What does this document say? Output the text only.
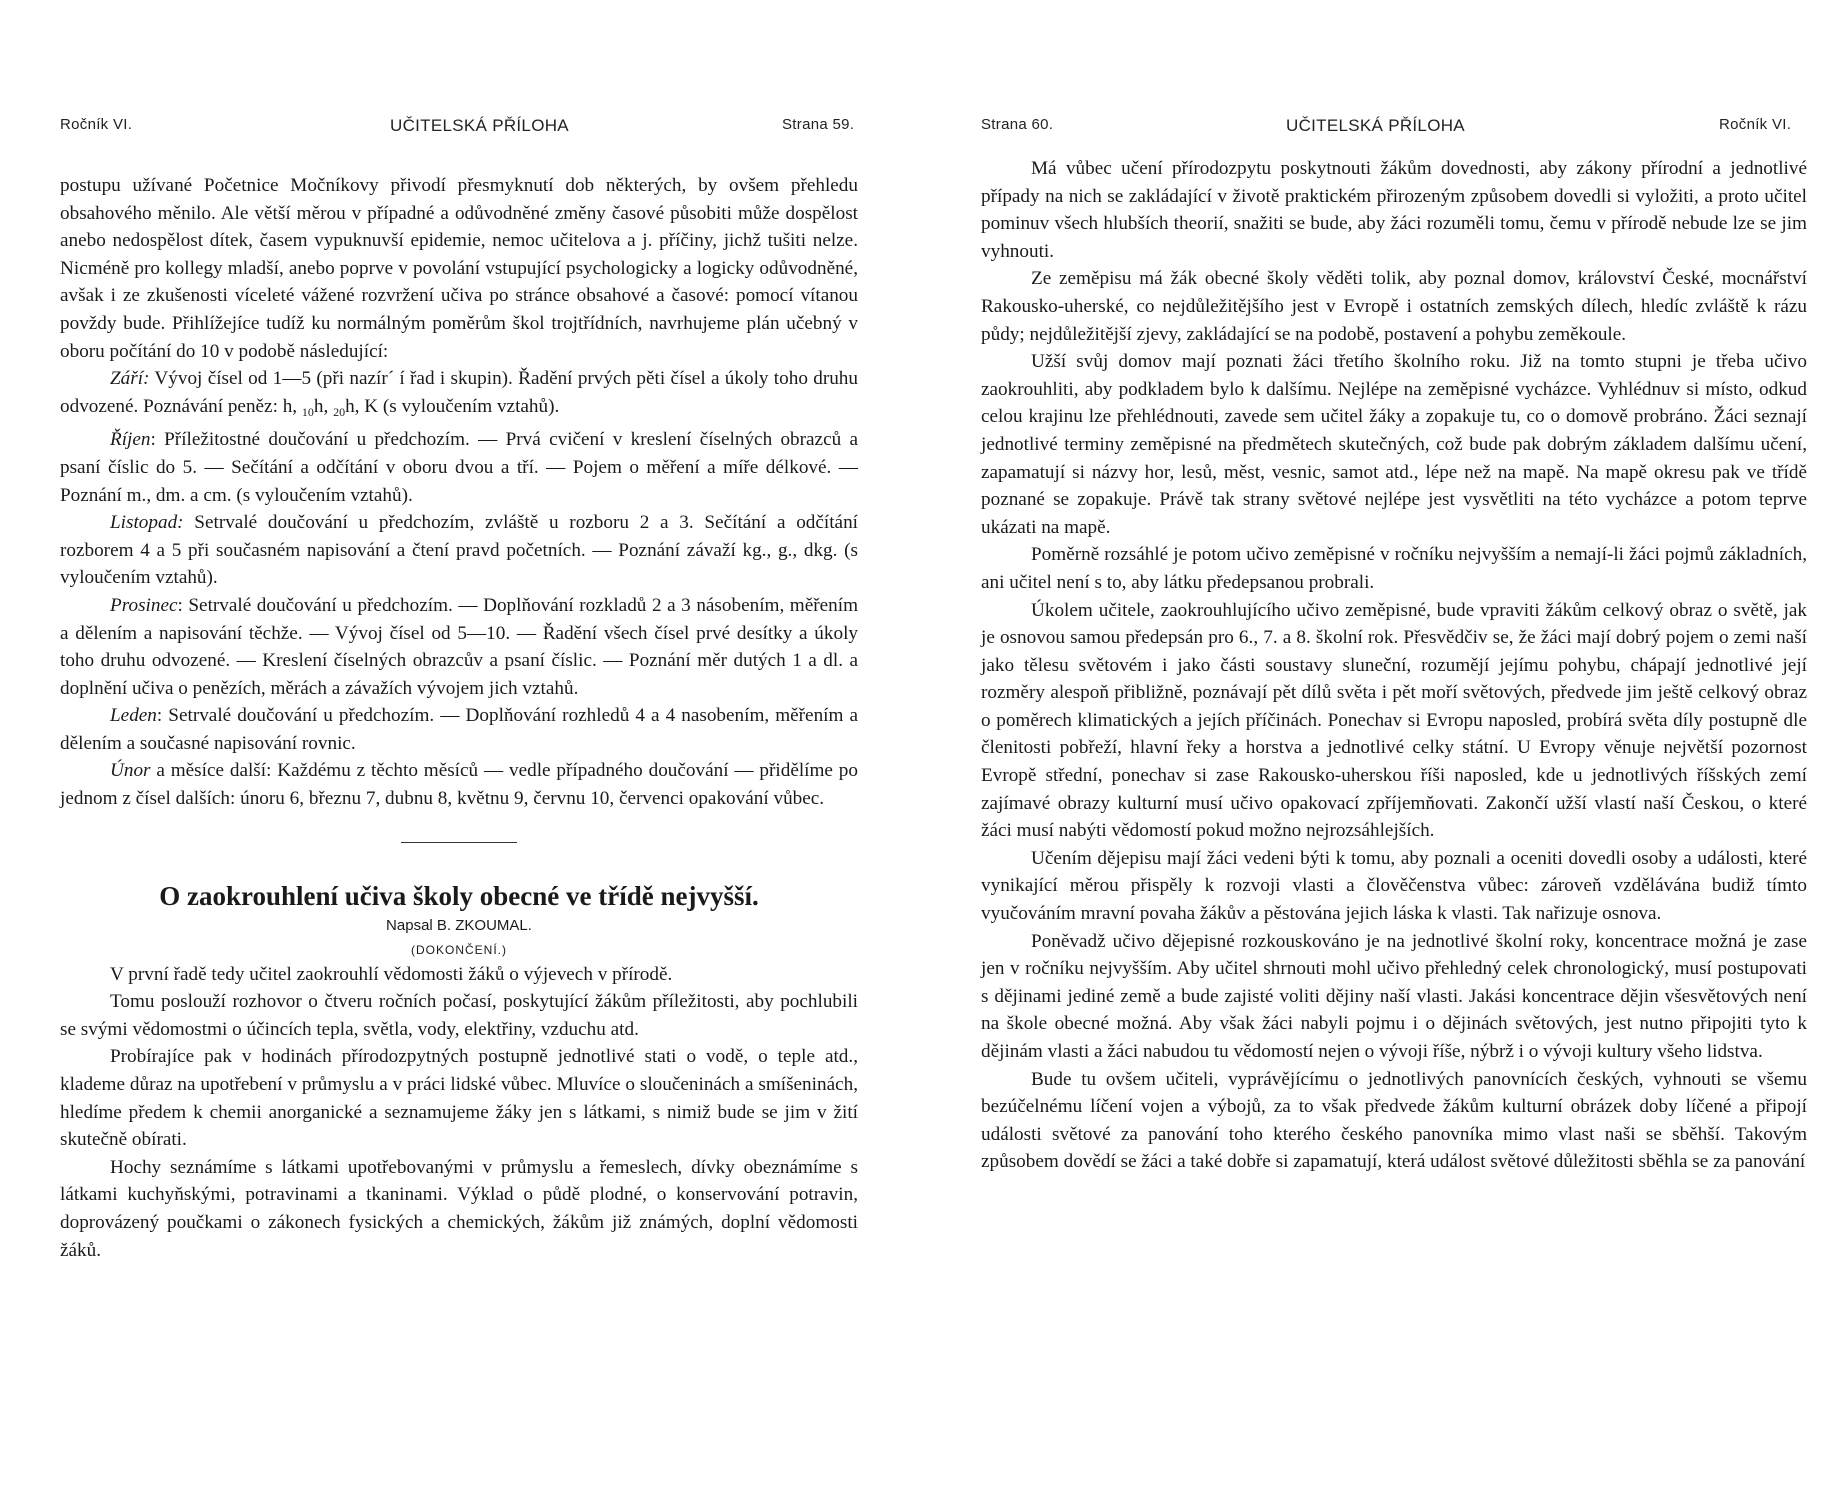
Ročník VI.	UČITELSKÁ PŘÍLOHA	Strana 59.

postupu užívané Početnice Močníkovy přivodí přesmyknutí dob některých, by ovšem přehledu obsahového měnilo. Ale větší měrou v případné a odůvodněné změny časové působiti může dospělost anebo nedospělost dítek, časem vypuknuvší epidemie, nemoc učitelova a j. příčiny, jichž tušiti nelze. Nicméně pro kollegy mladší, anebo poprve v povolání vstupující psychologicky a logicky odůvodněné, avšak i ze zkušenosti víceleté vážené rozvržení učiva po stránce obsahové a časové: pomocí vítanou povždy bude. Přihlížejíce tudíž ku normálným poměrům škol trojtřídních, navrhujeme plán učebný v oboru počítání do 10 v podobě následující:

Září: Vývoj čísel od 1—5 (při nazír´ í řad i skupin). Řadění prvých pěti čísel a úkoly toho druhu odvozené. Poznávání peněz: h, $_{10}$h, $_{20}$h, K (s vyloučením vztahů).

Říjen: Příležitostné doučování u předchozím. — Prvá cvičení v kreslení číselných obrazců a psaní číslic do 5. — Sečítání a odčítání v oboru dvou a tří. — Pojem o měření a míře délkové. — Poznání m., dm. a cm. (s vyloučením vztahů).

Listopad: Setrvalé doučování u předchozím, zvláště u rozboru 2 a 3. Sečítání a odčítání rozborem 4 a 5 při současném napisování a čtení pravd početních. — Poznání závaží kg., g., dkg. (s vyloučením vztahů).

Prosinec: Setrvalé doučování u předchozím. — Doplňování rozkladů 2 a 3 násobením, měřením a dělením a napisování těchže. — Vývoj čísel od 5—10. — Řadění všech čísel prvé desítky a úkoly toho druhu odvozené. — Kreslení číselných obrazcův a psaní číslic. — Poznání měr dutých 1 a dl. a doplnění učiva o penězích, měrách a závažích vývojem jich vztahů.

Leden: Setrvalé doučování u předchozím. — Doplňování rozhledů 4 a 4 nasobením, měřením a dělením a současné napisování rovnic.

Únor a měsíce další: Každému z těchto měsíců — vedle případného doučování — přidělíme po jednom z čísel dalších: únoru 6, březnu 7, dubnu 8, květnu 9, červnu 10, červenci opakování vůbec.

O zaokrouhlení učiva školy obecné ve třídě nejvyšší.

Napsal B. ZKOUMAL.

(DOKONČENÍ.)

V první řadě tedy učitel zaokrouhlí vědomosti žáků o výjevech v přírodě.

Tomu poslouží rozhovor o čtveru ročních počasí, poskytující žákům příležitosti, aby pochlubili se svými vědomostmi o účincích tepla, světla, vody, elektřiny, vzduchu atd.

Probírajíce pak v hodinách přírodozpytných postupně jednotlivé stati o vodě, o teple atd., klademe důraz na upotřebení v průmyslu a v práci lidské vůbec. Mluvíce o sloučeninách a smíšeninách, hledíme předem k chemii anorganické a seznamujeme žáky jen s látkami, s nimiž bude se jim v žití skutečně obírati.

Hochy seznámíme s látkami upotřebovanými v průmyslu a řemeslech, dívky obeznámíme s látkami kuchyňskými, potravinami a tkaninami. Výklad o půdě plodné, o konservování potravin, doprovázený poučkami o zákonech fysických a chemických, žákům již známých, doplní vědomosti žáků.

Strana 60.	UČITELSKÁ PŘÍLOHA	Ročník VI.

Má vůbec učení přírodozpytu poskytnouti žákům dovednosti, aby zákony přírodní a jednotlivé případy na nich se zakládající v životě praktickém přirozeným způsobem dovedli si vyložiti, a proto učitel pominuv všech hlubších theorií, snažiti se bude, aby žáci rozuměli tomu, čemu v přírodě nebude lze se jim vyhnouti.

Ze zeměpisu má žák obecné školy věděti tolik, aby poznal domov, království České, mocnářství Rakousko-uherské, co nejdůležitějšího jest v Evropě i ostatních zemských dílech, hledíc zvláště k rázu půdy; nejdůležitější zjevy, zakládající se na podobě, postavení a pohybu zeměkoule.

Užší svůj domov mají poznati žáci třetího školního roku. Již na tomto stupni je třeba učivo zaokrouhliti, aby podkladem bylo k dalšímu. Nejlépe na zeměpisné vycházce. Vyhlédnuv si místo, odkud celou krajinu lze přehlédnouti, zavede sem učitel žáky a zopakuje tu, co o domově probráno. Žáci seznají jednotlivé terminy zeměpisné na předmětech skutečných, což bude pak dobrým základem dalšímu učení, zapamatují si názvy hor, lesů, měst, vesnic, samot atd., lépe než na mapě. Na mapě okresu pak ve třídě poznané se zopakuje. Právě tak strany světové nejlépe jest vysvětliti na této vycházce a potom teprve ukázati na mapě.

Poměrně rozsáhlé je potom učivo zeměpisné v ročníku nejvyšším a nemají-li žáci pojmů základních, ani učitel není s to, aby látku předepsanou probrali.

Úkolem učitele, zaokrouhlujícího učivo zeměpisné, bude vpraviti žákům celkový obraz o světě, jak je osnovou samou předepsán pro 6., 7. a 8. školní rok. Přesvědčiv se, že žáci mají dobrý pojem o zemi naší jako tělesu světovém i jako části soustavy sluneční, rozumějí jejímu pohybu, chápají jednotlivé její rozměry alespoň přibližně, poznávají pět dílů světa i pět moří světových, předvede jim ještě celkový obraz o poměrech klimatických a jejích příčinách. Ponechav si Evropu naposled, probírá světa díly postupně dle členitosti pobřeží, hlavní řeky a horstva a jednotlivé celky státní. U Evropy věnuje největší pozornost Evropě střední, ponechav si zase Rakousko-uherskou říši naposled, kde u jednotlivých říšských zemí zajímavé obrazy kulturní musí učivo opakovací zpříjemňovati. Zakončí užší vlastí naší Českou, o které žáci musí nabýti vědomostí pokud možno nejrozsáhlejších.

Učením dějepisu mají žáci vedeni býti k tomu, aby poznali a oceniti dovedli osoby a události, které vynikající měrou přispěly k rozvoji vlasti a člověčenstva vůbec: zároveň vzdělávána budiž tímto vyučováním mravní povaha žákův a pěstována jejich láska k vlasti. Tak nařizuje osnova.

Poněvadž učivo dějepisné rozkouskováno je na jednotlivé školní roky, koncentrace možná je zase jen v ročníku nejvyšším. Aby učitel shrnouti mohl učivo přehledný celek chronologický, musí postupovati s dějinami jediné země a bude zajisté voliti dějiny naší vlasti. Jakási koncentrace dějin všesvětových není na škole obecné možná. Aby však žáci nabyli pojmu i o dějinách světových, jest nutno připojiti tyto k dějinám vlasti a žáci nabudou tu vědomostí nejen o vývoji říše, nýbrž i o vývoji kultury všeho lidstva.

Bude tu ovšem učiteli, vyprávějícímu o jednotlivých panovnících českých, vyhnouti se všemu bezúčelnému líčení vojen a výbojů, za to však předvede žákům kulturní obrázek doby líčené a připojí události světové za panování toho kterého českého panovníka mimo vlast naši se sběhší. Takovým způsobem dovědí se žáci a také dobře si zapamatují, která událost světové důležitosti sběhla se za panování
